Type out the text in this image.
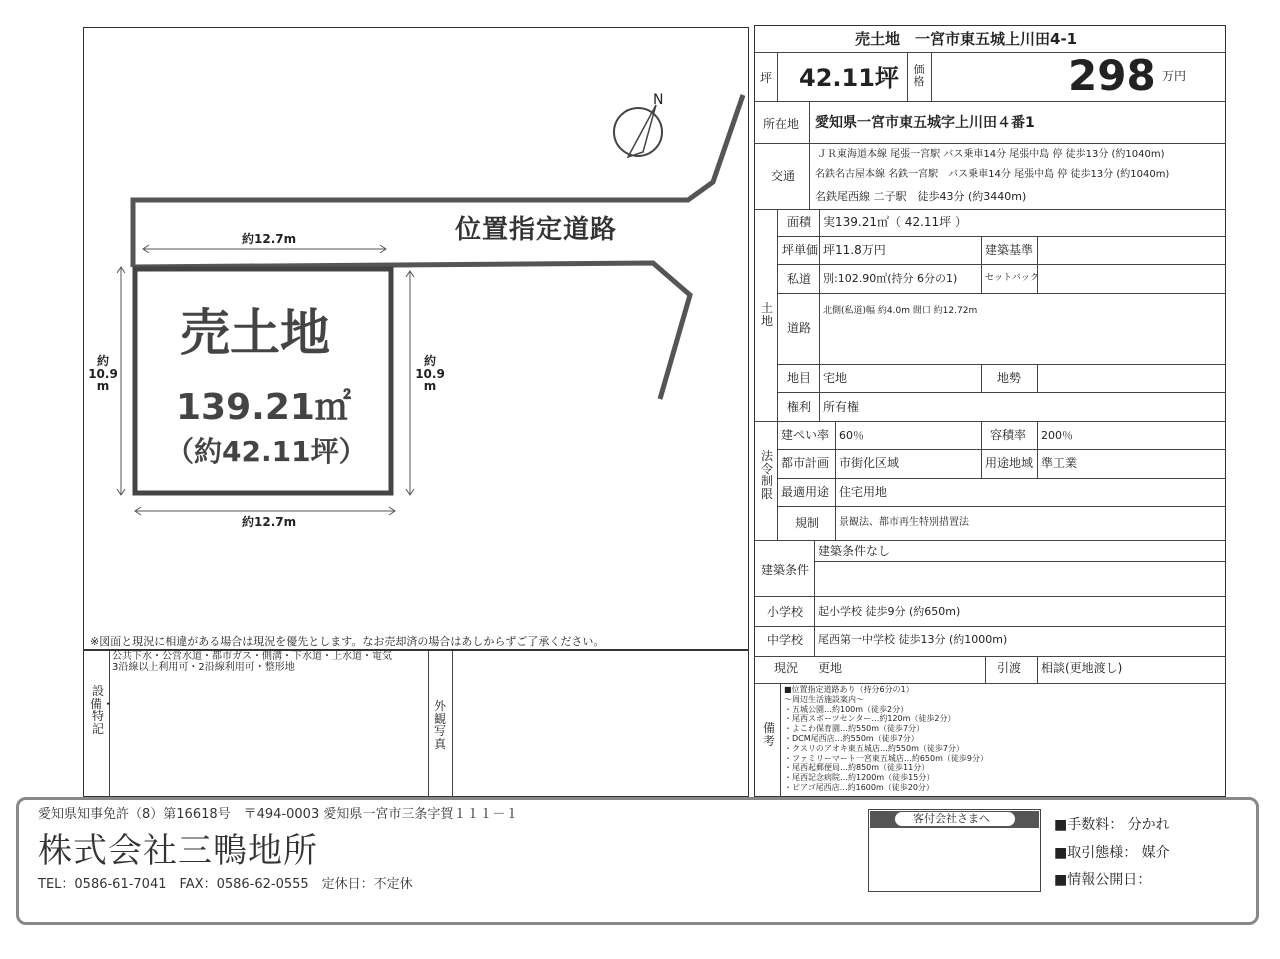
N
位置指定道路
約12.7m
約12.7m
約
10.9
m
約
10.9
m
売土地
139.21㎡
（約42.11坪）
※図面と現況に相違がある場合は現況を優先とします。なお売却済の場合はあしからずご了承ください。
設備・特記
公共下水・公営水道・都市ガス・側溝・下水道・上水道・電気
3沿線以上利用可・2沿線利用可・整形地
外観写真
売土地　一宮市東五城上川田4-1
坪 42.11坪 価格	298 万円
所在地 愛知県一宮市東五城字上川田４番1
交通
ＪＲ東海道本線 尾張一宮駅 バス乗車14分 尾張中島 停 徒歩13分 (約1040m)
名鉄名古屋本線 名鉄一宮駅　バス乗車14分 尾張中島 停 徒歩13分 (約1040m)
名鉄尾西線 二子駅　徒歩43分 (約3440m)
土地
面積 実139.21㎡（ 42.11坪 ）
坪単価 坪11.8万円	建築基準
私道 別:102.90㎡(持分 6分の1)	セットバック
道路
北側(私道)幅 約4.0m 間口 約12.72m
地目 宅地	地勢
権利 所有権
法令制限
建ぺい率 60％	容積率 200％
都市計画 市街化区域	用途地域 準工業
最適用途 住宅用地
規制 景観法、都市再生特別措置法
建築条件
建築条件なし
小学校 起小学校 徒歩9分 (約650m)
中学校 尾西第一中学校 徒歩13分 (約1000m)
現況 更地	引渡 相談(更地渡し)
備考
■位置指定道路あり（持分6分の1）
～周辺生活施設案内～
・五城公園…約100m（徒歩2分）
・尾西スポーツセンター…約120m（徒歩2分）
・よこわ保育園…約550m（徒歩7分）
・DCM尾西店…約550m（徒歩7分）
・クスリのアオキ東五城店…約550m（徒歩7分）
・ファミリーマート一宮東五城店…約650m（徒歩9分）
・尾西起郵便局…約850m（徒歩11分）
・尾西記念病院…約1200m（徒歩15分）
・ピアゴ尾西店…約1600m（徒歩20分）
愛知県知事免許（8）第16618号　〒494-0003 愛知県一宮市三条字賀１１１－１
株式会社三鴨地所
TEL：0586-61-7041　FAX：0586-62-0555　定休日：不定休
客付会社さまへ	■手数料： 分かれ
■取引態様： 媒介
■情報公開日：
